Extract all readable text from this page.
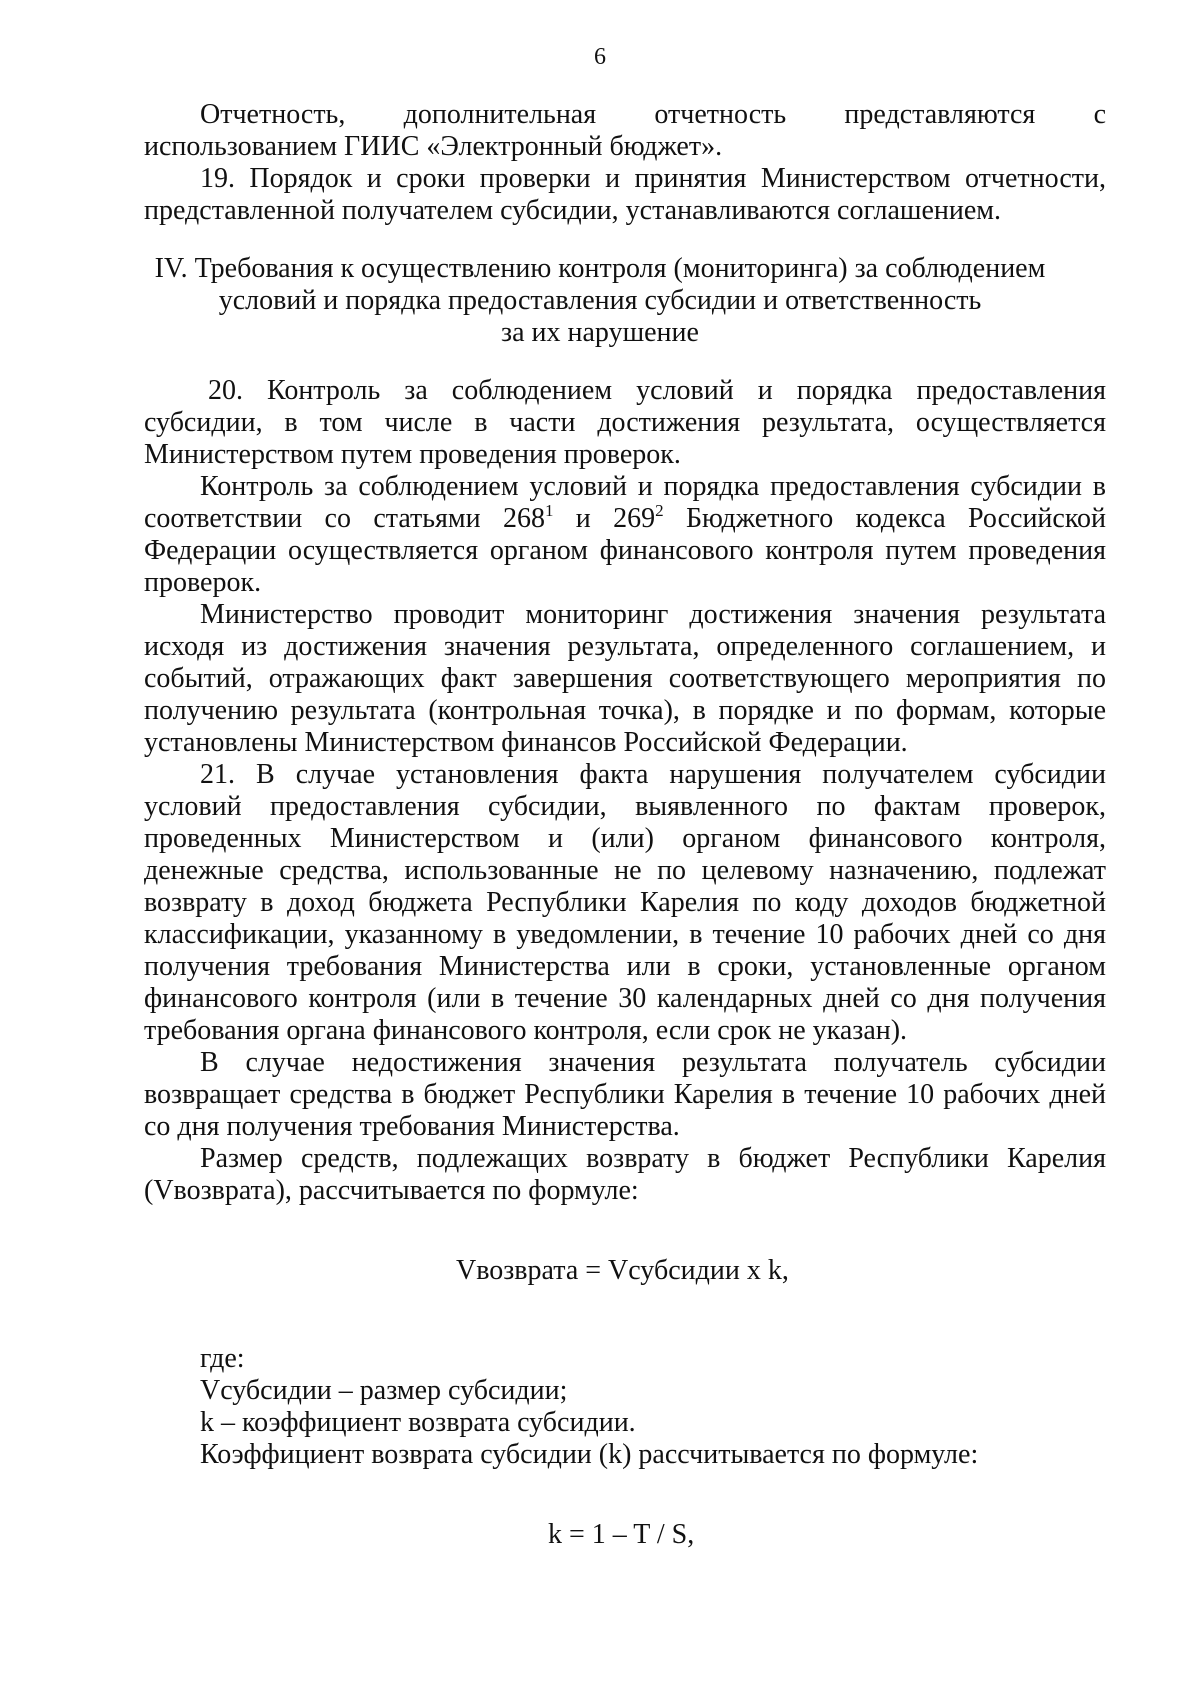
6
Отчетность, дополнительная отчетность представляются с
использованием ГИИС «Электронный бюджет».
19. Порядок и сроки проверки и принятия Министерством отчетности,
представленной получателем субсидии, устанавливаются соглашением.
IV. Требования к осуществлению контроля (мониторинга) за соблюдением
условий и порядка предоставления субсидии и ответственность
за их нарушение
20. Контроль за соблюдением условий и порядка предоставления
субсидии, в том числе в части достижения результата, осуществляется
Министерством путем проведения проверок.
Контроль за соблюдением условий и порядка предоставления субсидии в
соответствии со статьями $268^1$ и $269^2$ Бюджетного кодекса Российской
Федерации осуществляется органом финансового контроля путем проведения
проверок.
Министерство проводит мониторинг достижения значения результата
исходя из достижения значения результата, определенного соглашением, и
событий, отражающих факт завершения соответствующего мероприятия по
получению результата (контрольная точка), в порядке и по формам, которые
установлены Министерством финансов Российской Федерации.
21. В случае установления факта нарушения получателем субсидии
условий предоставления субсидии, выявленного по фактам проверок,
проведенных Министерством и (или) органом финансового контроля,
денежные средства, использованные не по целевому назначению, подлежат
возврату в доход бюджета Республики Карелия по коду доходов бюджетной
классификации, указанному в уведомлении, в течение 10 рабочих дней со дня
получения требования Министерства или в сроки, установленные органом
финансового контроля (или в течение 30 календарных дней со дня получения
требования органа финансового контроля, если срок не указан).
В случае недостижения значения результата получатель субсидии
возвращает средства в бюджет Республики Карелия в течение 10 рабочих дней
со дня получения требования Министерства.
Размер средств, подлежащих возврату в бюджет Республики Карелия
(Vвозврата), рассчитывается по формуле:
Vвозврата = Vсубсидии x k,
где:
Vсубсидии – размер субсидии;
k – коэффициент возврата субсидии.
Коэффициент возврата субсидии (k) рассчитывается по формуле:
k = 1 – T / S,
